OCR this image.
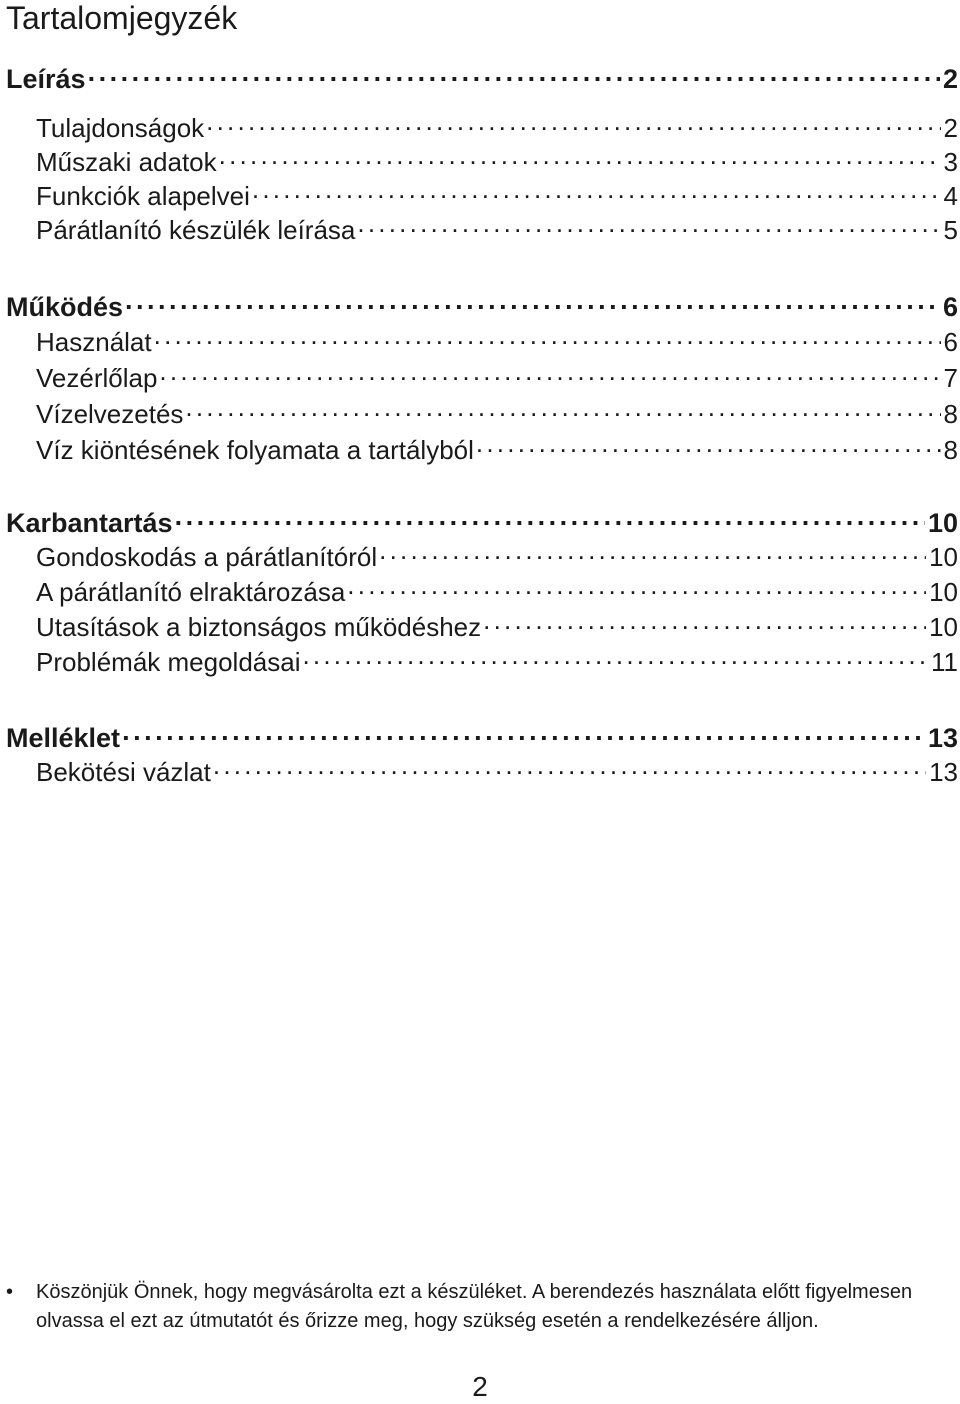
Tartalomjegyzék
Leírás . . .	2
Tulajdonságok . . .	2
Műszaki adatok . . .	3
Funkciók alapelvei . . .	4
Párátlanító készülék leírása . . .	5
Működés . . .	6
Használat . . .	6
Vezérlőlap . . .	7
Vízelvezetés . . .	8
Víz kiöntésének folyamata a tartályból . . .	8
Karbantartás . . .	10
Gondoskodás a párátlanítóról . . .	10
A párátlanító elraktározása . . .	10
Utasítások a biztonságos működéshez . . .	10
Problémák megoldásai . . .	11
Melléklet . . .	13
Bekötési vázlat . . .	13
•	Köszönjük Önnek, hogy megvásárolta ezt a készüléket. A berendezés használata előtt figyelmesen olvassa el ezt az útmutatót és őrizze meg, hogy szükség esetén a rendelkezésére álljon.
2
